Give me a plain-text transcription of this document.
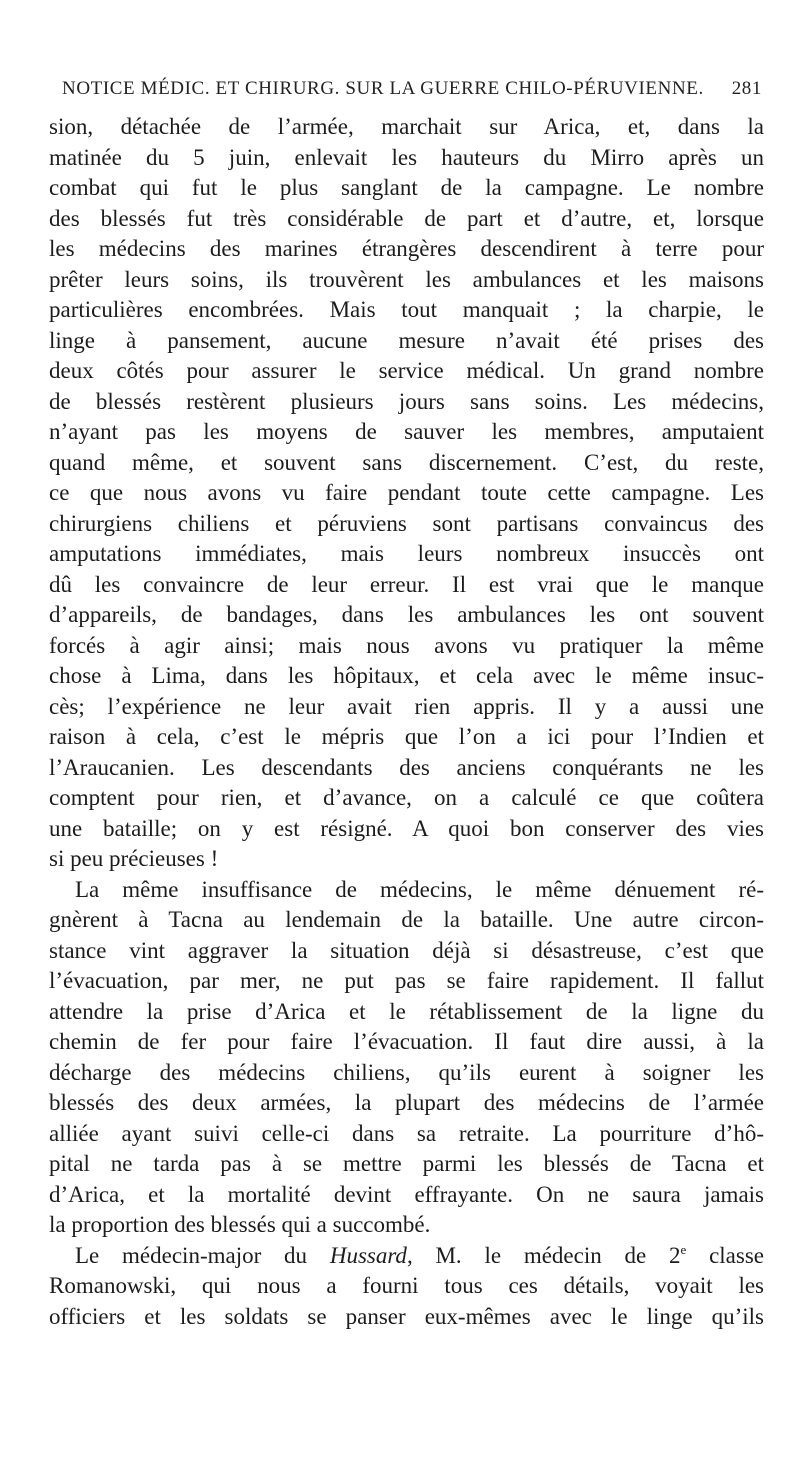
NOTICE MÉDIC. ET CHIRURG. SUR LA GUERRE CHILO-PÉRUVIENNE. 281
sion, détachée de l’armée, marchait sur Arica, et, dans la
matinée du 5 juin, enlevait les hauteurs du Mirro après un
combat qui fut le plus sanglant de la campagne. Le nombre
des blessés fut très considérable de part et d’autre, et, lorsque
les médecins des marines étrangères descendirent à terre pour
prêter leurs soins, ils trouvèrent les ambulances et les maisons
particulières encombrées. Mais tout manquait ; la charpie, le
linge à pansement, aucune mesure n’avait été prises des
deux côtés pour assurer le service médical. Un grand nombre
de blessés restèrent plusieurs jours sans soins. Les médecins,
n’ayant pas les moyens de sauver les membres, amputaient
quand même, et souvent sans discernement. C’est, du reste,
ce que nous avons vu faire pendant toute cette campagne. Les
chirurgiens chiliens et péruviens sont partisans convaincus des
amputations immédiates, mais leurs nombreux insuccès ont
dû les convaincre de leur erreur. Il est vrai que le manque
d’appareils, de bandages, dans les ambulances les ont souvent
forcés à agir ainsi; mais nous avons vu pratiquer la même
chose à Lima, dans les hôpitaux, et cela avec le même insuc-
cès; l’expérience ne leur avait rien appris. Il y a aussi une
raison à cela, c’est le mépris que l’on a ici pour l’Indien et
l’Araucanien. Les descendants des anciens conquérants ne les
comptent pour rien, et d’avance, on a calculé ce que coûtera
une bataille; on y est résigné. A quoi bon conserver des vies
si peu précieuses !
La même insuffisance de médecins, le même dénuement ré-
gnèrent à Tacna au lendemain de la bataille. Une autre circon-
stance vint aggraver la situation déjà si désastreuse, c’est que
l’évacuation, par mer, ne put pas se faire rapidement. Il fallut
attendre la prise d’Arica et le rétablissement de la ligne du
chemin de fer pour faire l’évacuation. Il faut dire aussi, à la
décharge des médecins chiliens, qu’ils eurent à soigner les
blessés des deux armées, la plupart des médecins de l’armée
alliée ayant suivi celle-ci dans sa retraite. La pourriture d’hô-
pital ne tarda pas à se mettre parmi les blessés de Tacna et
d’Arica, et la mortalité devint effrayante. On ne saura jamais
la proportion des blessés qui a succombé.
Le médecin-major du Hussard, M. le médecin de 2e classe
Romanowski, qui nous a fourni tous ces détails, voyait les
officiers et les soldats se panser eux-mêmes avec le linge qu’ils
